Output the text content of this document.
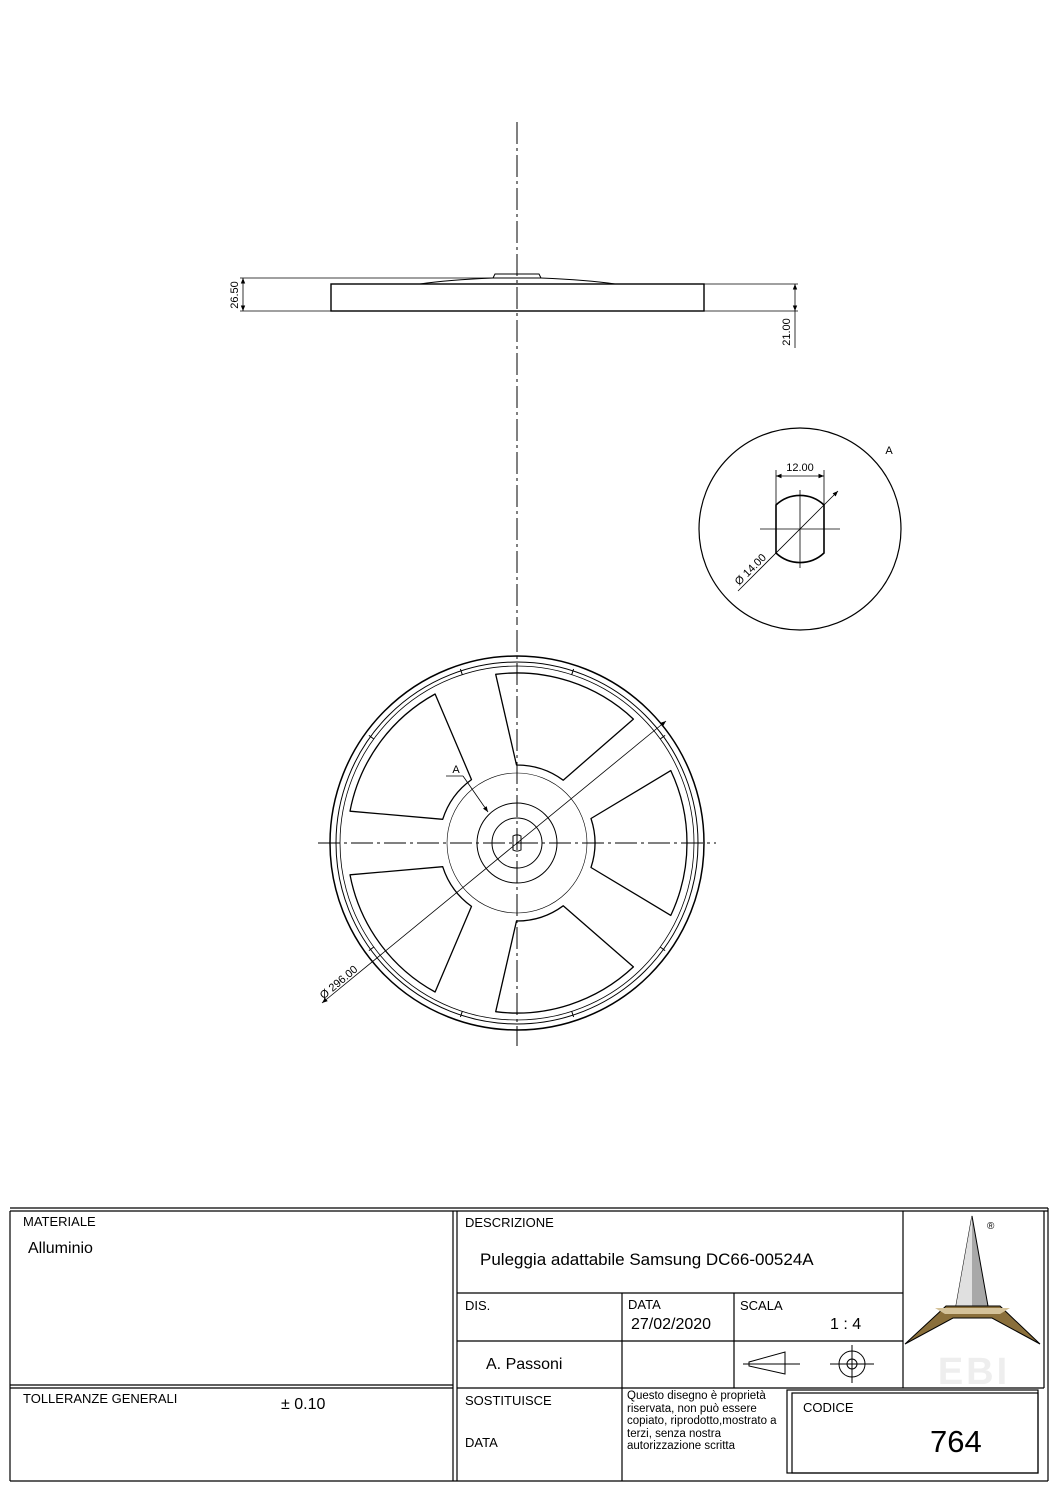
26.50
21.00
12.00
Ø 14.00
A
A
Ø 296.00
®
EBI
MATERIALE
Alluminio
DESCRIZIONE
Puleggia adattabile Samsung DC66-00524A
DIS.
A. Passoni
DATA
27/02/2020
SCALA
1 : 4
TOLLERANZE GENERALI	± 0.10	SOSTITUISCE
DATA
Questo disegno è proprietà riservata, non può essere copiato, riprodotto,mostrato a terzi, senza nostra autorizzazione scritta
CODICE
764
